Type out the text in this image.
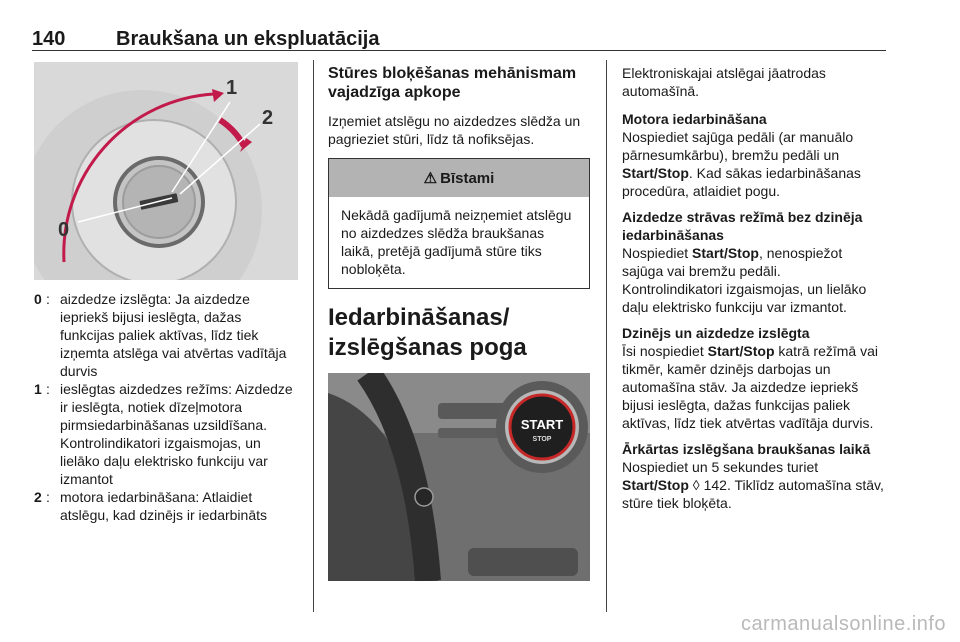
140	Braukšana un ekspluatācija
0
1
2
0 : aizdedze izslēgta: Ja aizdedze iepriekš bijusi ieslēgta, dažas funkcijas paliek aktīvas, līdz tiek izņemta atslēga vai atvērtas vadītāja durvis
1 : ieslēgtas aizdedzes režīms: Aizdedze ir ieslēgta, notiek dīzeļmotora pirmsiedarbināšanas uzsildīšana. Kontrolindikatori izgaismojas, un lielāko daļu elektrisko funkciju var izmantot
2 : motora iedarbināšana: Atlaidiet atslēgu, kad dzinējs ir iedarbināts
Stūres bloķēšanas mehānismam vajadzīga apkope
Izņemiet atslēgu no aizdedzes slēdža un pagrieziet stūri, līdz tā nofiksējas.
⚠ Bīstami
Nekādā gadījumā neizņemiet atslēgu no aizdedzes slēdža braukšanas laikā, pretējā gadījumā stūre tiks nobloķēta.
Iedarbināšanas/ izslēgšanas poga
START
STOP
Elektroniskajai atslēgai jāatrodas automašīnā.
Motora iedarbināšana
Nospiediet sajūga pedāli (ar manuālo pārnesumkārbu), bremžu pedāli un Start/Stop. Kad sākas iedarbināšanas procedūra, atlaidiet pogu.
Aizdedze strāvas režīmā bez dzinēja iedarbināšanas
Nospiediet Start/Stop, nenospiežot sajūga vai bremžu pedāli. Kontrolindikatori izgaismojas, un lielāko daļu elektrisko funkciju var izmantot.
Dzinējs un aizdedze izslēgta
Īsi nospiediet Start/Stop katrā režīmā vai tikmēr, kamēr dzinējs darbojas un automašīna stāv. Ja aizdedze iepriekš bijusi ieslēgta, dažas funkcijas paliek aktīvas, līdz tiek atvērtas vadītāja durvis.
Ārkārtas izslēgšana braukšanas laikā
Nospiediet un 5 sekundes turiet Start/Stop ◊ 142. Tiklīdz automašīna stāv, stūre tiek bloķēta.
carmanualsonline.info
